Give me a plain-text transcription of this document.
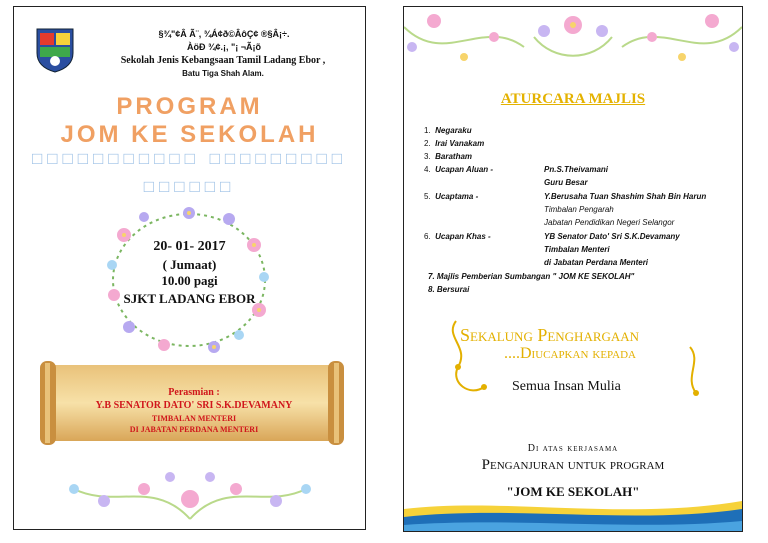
§¾"¢Â Ã¨, ¾Á¢ð©ÂôÇ¢ ®§Â¡÷.
ÀöÐ ¾¢.¡, "¡ ¬Ã¡õ
Sekolah Jenis Kebangsaan Tamil Ladang Ebor ,
Batu Tiga Shah Alam.
PROGRAM
JOM KE SEKOLAH
□□□□□□□□□□□ □□□□□□□□□
□□□□□□
20- 01- 2017
( Jumaat)
10.00 pagi
SJKT LADANG EBOR
Perasmian :
Y.B SENATOR DATO' SRI S.K.DEVAMANY
TIMBALAN MENTERI
DI JABATAN PERDANA MENTERI
ATURCARA MAJLIS
1. Negaraku
2. Irai Vanakam
3. Baratham
4. Ucapan Aluan -	Pn.S.Theivamani
Guru Besar
5. Ucaptama -	Y.Berusaha Tuan Shashim Shah Bin Harun
Timbalan Pengarah
Jabatan Pendidikan Negeri Selangor
6. Ucapan Khas -	YB Senator Dato' Sri S.K.Devamany
Timbalan Menteri
di Jabatan Perdana Menteri
7. Majlis Pemberian Sumbangan " JOM KE SEKOLAH"
8. Bersurai
Sekalung Penghargaan
....Diucapkan kepada
Semua Insan Mulia
Di atas kerjasama
Penganjuran untuk program
"JOM KE SEKOLAH"
